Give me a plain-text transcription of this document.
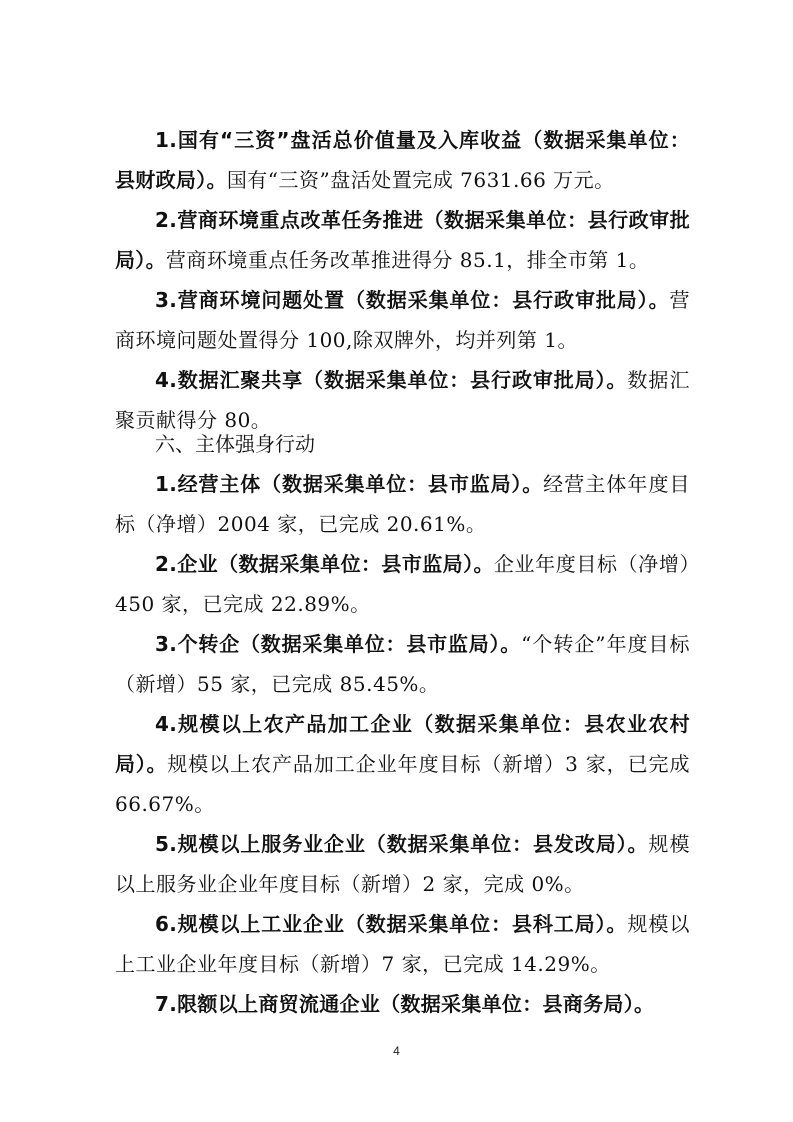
1.国有“三资”盘活总价值量及入库收益（数据采集单位：县财政局）。国有“三资”盘活处置完成 7631.66 万元。

2.营商环境重点改革任务推进（数据采集单位：县行政审批局）。营商环境重点任务改革推进得分 85.1，排全市第 1。

3.营商环境问题处置（数据采集单位：县行政审批局）。营商环境问题处置得分 100,除双牌外，均并列第 1。

4.数据汇聚共享（数据采集单位：县行政审批局）。数据汇聚贡献得分 80。

六、主体强身行动

1.经营主体（数据采集单位：县市监局）。经营主体年度目标（净增）2004 家，已完成 20.61%。

2.企业（数据采集单位：县市监局）。企业年度目标（净增）450 家，已完成 22.89%。

3.个转企（数据采集单位：县市监局）。“个转企”年度目标（新增）55 家，已完成 85.45%。

4.规模以上农产品加工企业（数据采集单位：县农业农村局）。规模以上农产品加工企业年度目标（新增）3 家，已完成 66.67%。

5.规模以上服务业企业（数据采集单位：县发改局）。规模以上服务业企业年度目标（新增）2 家，完成 0%。

6.规模以上工业企业（数据采集单位：县科工局）。规模以上工业企业年度目标（新增）7 家，已完成 14.29%。

7.限额以上商贸流通企业（数据采集单位：县商务局）。

4
